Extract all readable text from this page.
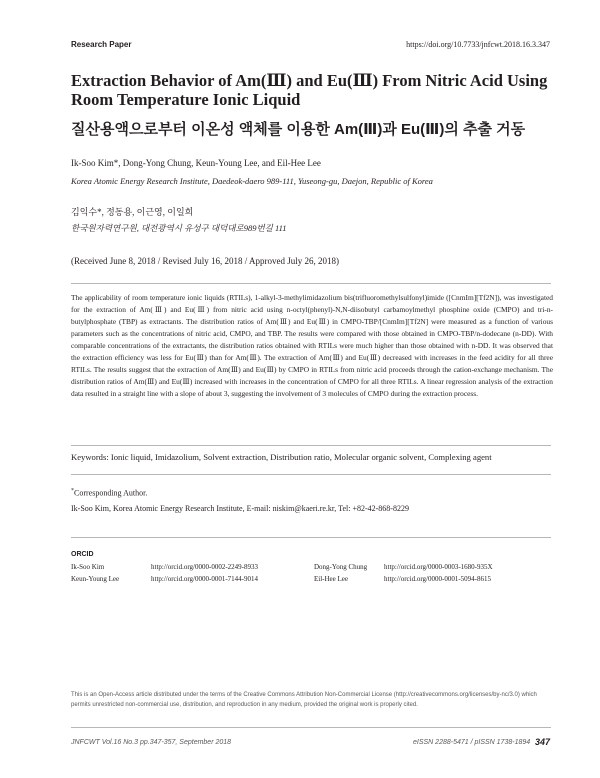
Research Paper	https://doi.org/10.7733/jnfcwt.2018.16.3.347
Extraction Behavior of Am(Ⅲ) and Eu(Ⅲ) From Nitric Acid Using Room Temperature Ionic Liquid
질산용액으로부터 이온성 액체를 이용한 Am(Ⅲ)과 Eu(Ⅲ)의 추출 거동
Ik-Soo Kim*, Dong-Yong Chung, Keun-Young Lee, and Eil-Hee Lee
Korea Atomic Energy Research Institute, Daedeok-daero 989-111, Yuseong-gu, Daejon, Republic of Korea
김익수*, 정동용, 이근영, 이일희
한국원자력연구원, 대전광역시 유성구 대덕대로989번길 111
(Received June 8, 2018 / Revised July 16, 2018 / Approved July 26, 2018)

The applicability of room temperature ionic liquids (RTILs), 1-alkyl-3-methylimidazolium bis(trifluoromethylsulfonyl)imide ([CnmIm][Tf2N]), was investigated for the extraction of Am(Ⅲ) and Eu(Ⅲ) from nitric acid using n-octyl(phenyl)-N,N-diisobutyl carbamoylmethyl phosphine oxide (CMPO) and tri-n-butylphosphate (TBP) as extractants. The distribution ratios of Am(Ⅲ) and Eu(Ⅲ) in CMPO-TBP/[CnmIm][Tf2N] were measured as a function of various parameters such as the concentrations of nitric acid, CMPO, and TBP. The results were compared with those obtained in CMPO-TBP/n-dodecane (n-DD). With comparable concentrations of the extractants, the distribution ratios obtained with RTILs were much higher than those obtained with n-DD. It was observed that the extraction efficiency was less for Eu(Ⅲ) than for Am(Ⅲ). The extraction of Am(Ⅲ) and Eu(Ⅲ) decreased with increases in the feed acidity for all three RTILs. The results suggest that the extraction of Am(Ⅲ) and Eu(Ⅲ) by CMPO in RTILs from nitric acid proceeds through the cation-exchange mechanism. The distribution ratios of Am(Ⅲ) and Eu(Ⅲ) increased with increases in the concentration of CMPO for all three RTILs. A linear regression analysis of the extraction data resulted in a straight line with a slope of about 3, suggesting the involvement of 3 molecules of CMPO during the extraction process.

Keywords: Ionic liquid, Imidazolium, Solvent extraction, Distribution ratio, Molecular organic solvent, Complexing agent
*Corresponding Author.
Ik-Soo Kim, Korea Atomic Energy Research Institute, E-mail: niskim@kaeri.re.kr, Tel: +82-42-868-8229
ORCID
Ik-Soo Kim	http://orcid.org/0000-0002-2249-8933	Dong-Yong Chung http://orcid.org/0000-0003-1680-935X
Keun-Young Lee	http://orcid.org/0000-0001-7144-9014	Eil-Hee Lee	http://orcid.org/0000-0001-5094-8615
This is an Open-Access article distributed under the terms of the Creative Commons Attribution Non-Commercial License (http://creativecommons.org/licenses/by-nc/3.0) which permits unrestricted non-commercial use, distribution, and reproduction in any medium, provided the original work is properly cited.
JNFCWT Vol.16 No.3 pp.347-357, September 2018	eISSN 2288-5471 / pISSN 1738-1894 347
